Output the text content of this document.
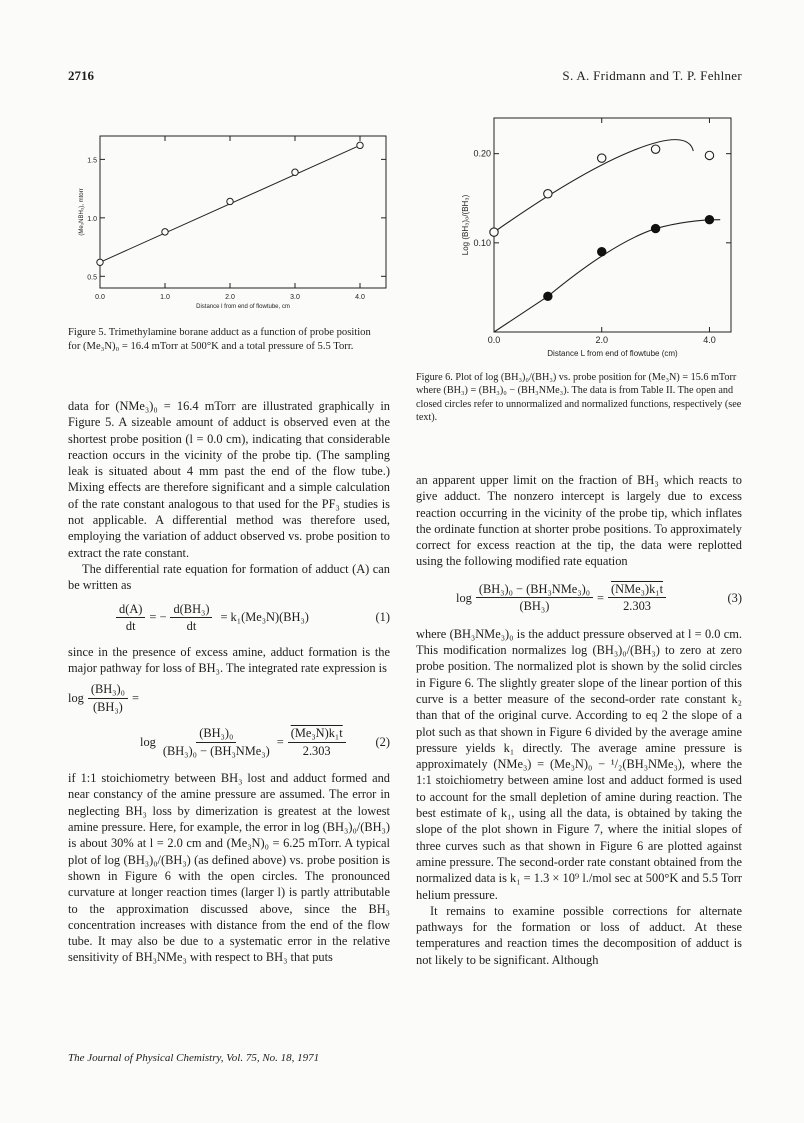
2716	S. A. Fridmann and T. P. Fehlner
0.0	1.0	2.0	3.0	4.0
0.5
1.0
1.5
Distance l from end of flowtube, cm
(Me₃NBH₃), mtorr
Figure 5. Trimethylamine borane adduct as a function of probe position for (Me₃N)₀ = 16.4 mTorr at 500°K and a total pressure of 5.5 Torr.
0.0	2.0	4.0
0.10
0.20
Distance L from end of flowtube (cm)
Log (BH₃)₀/(BH₃)
Figure 6. Plot of log (BH₃)₀/(BH₃) vs. probe position for (Me₃N) = 15.6 mTorr where (BH₃) = (BH₃)₀ − (BH₃NMe₃). The data is from Table II. The open and closed circles refer to unnormalized and normalized functions, respectively (see text).

data for (NMe₃)₀ = 16.4 mTorr are illustrated graphically in Figure 5. A sizeable amount of adduct is observed even at the shortest probe position (l = 0.0 cm), indicating that considerable reaction occurs in the vicinity of the probe tip. (The sampling leak is situated about 4 mm past the end of the flow tube.) Mixing effects are therefore significant and a simple calculation of the rate constant analogous to that used for the PF₃ studies is not applicable. A differential method was therefore used, employing the variation of adduct observed vs. probe position to extract the rate constant.

The differential rate equation for formation of adduct (A) can be written as

$\frac{d(A)}{dt}$ = − $\frac{\text{d(BH₃)}}{dt} = k_1(Me_3N)(BH_3)$	(1)

since in the presence of excess amine, adduct formation is the major pathway for loss of BH₃. The integrated rate expression is

$\log \frac{\text{(BH₃)₀}}{\text{(BH₃)}}$ =
$\log \frac{\text{(BH₃)₀}}{\text{(BH₃)₀ − (BH₃NMe₃)}} = \frac{\text{(Me₃N)k₁t}}{2.303} (2)$

if 1:1 stoichiometry between BH₃ lost and adduct formed and near constancy of the amine pressure are assumed. The error in neglecting BH₃ loss by dimerization is greatest at the lowest amine pressure. Here, for example, the error in log (BH₃)₀/(BH₃) is about 30% at l = 2.0 cm and (Me₃N)₀ = 6.25 mTorr. A typical plot of log (BH₃)₀/(BH₃) (as defined above) vs. probe position is shown in Figure 6 with the open circles. The pronounced curvature at longer reaction times (larger l) is partly attributable to the approximation discussed above, since the BH₃ concentration increases with distance from the end of the flow tube. It may also be due to a systematic error in the relative sensitivity of BH₃NMe₃ with respect to BH₃ that puts

an apparent upper limit on the fraction of BH₃ which reacts to give adduct. The nonzero intercept is largely due to excess reaction occurring in the vicinity of the probe tip, which inflates the ordinate function at shorter probe positions. To approximately correct for excess reaction at the tip, the data were replotted using the following modified rate equation

$\log \frac{\text{(BH₃)₀ − (BH₃NMe₃)₀}}{\text{(BH₃)}} = \frac{\text{(NMe₃)k₁t}}{2.303}$	(3)

where (BH₃NMe₃)₀ is the adduct pressure observed at l = 0.0 cm. This modification normalizes log (BH₃)₀/(BH₃) to zero at zero probe position. The normalized plot is shown by the solid circles in Figure 6. The slightly greater slope of the linear portion of this curve is a better measure of the second-order rate constant k₂ than that of the original curve. According to eq 2 the slope of a plot such as that shown in Figure 6 divided by the average amine pressure yields k₁ directly. The average amine pressure is approximately (NMe₃) = (Me₃N)₀ − ¹/₂(BH₃NMe₃), where the 1:1 stoichiometry between amine lost and adduct formed is used to account for the small depletion of amine during reaction. The best estimate of k₁, using all the data, is obtained by taking the slope of the plot shown in Figure 7, where the initial slopes of three curves such as that shown in Figure 6 are plotted against amine pressure. The second-order rate constant obtained from the normalized data is k₁ = 1.3 × 10⁹ l./mol sec at 500°K and 5.5 Torr helium pressure.

It remains to examine possible corrections for alternate pathways for the formation or loss of adduct. At these temperatures and reaction times the decomposition of adduct is not likely to be significant. Although

The Journal of Physical Chemistry, Vol. 75, No. 18, 1971
